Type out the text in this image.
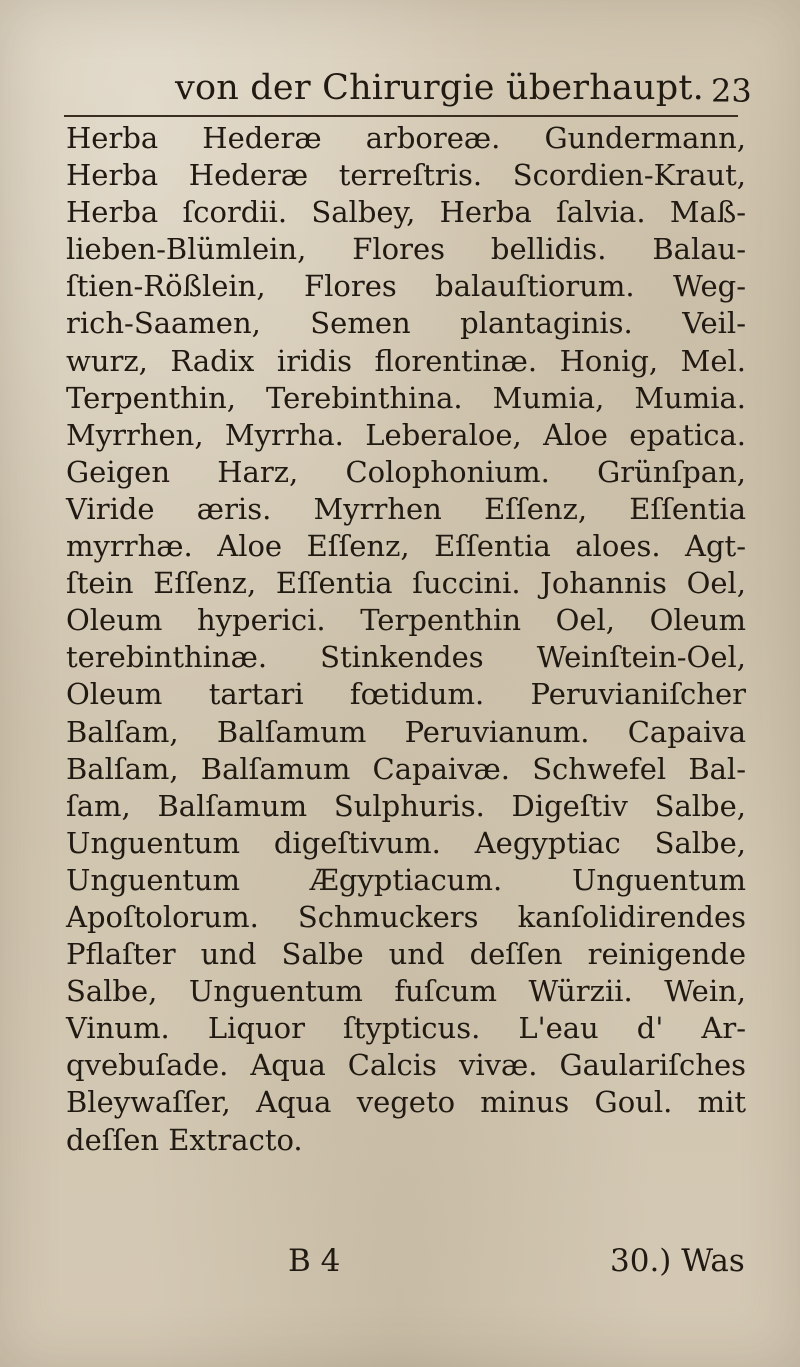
von der Chirurgie überhaupt. 23
Herba Hederæ arboreæ. Gundermann,
Herba Hederæ terreſtris. Scordien-Kraut,
Herba ſcordii. Salbey, Herba ſalvia. Maß-
lieben-Blümlein, Flores bellidis. Balau-
ſtien-Rößlein, Flores balauſtiorum. Weg-
rich-Saamen, Semen plantaginis. Veil-
wurz, Radix iridis florentinæ. Honig, Mel.
Terpenthin, Terebinthina. Mumia, Mumia.
Myrrhen, Myrrha. Leberaloe, Aloe epatica.
Geigen Harz, Colophonium. Grünſpan,
Viride æris. Myrrhen Eſſenz, Eſſentia
myrrhæ. Aloe Eſſenz, Eſſentia aloes. Agt-
ſtein Eſſenz, Eſſentia ſuccini. Johannis Oel,
Oleum hyperici. Terpenthin Oel, Oleum
terebinthinæ. Stinkendes Weinſtein-Oel,
Oleum tartari fœtidum. Peruvianiſcher
Balſam, Balſamum Peruvianum. Capaiva
Balſam, Balſamum Capaivæ. Schwefel Bal-
ſam, Balſamum Sulphuris. Digeſtiv Salbe,
Unguentum digeſtivum. Aegyptiac Salbe,
Unguentum Ægyptiacum. Unguentum
Apoſtolorum. Schmuckers kanſolidirendes
Pflaſter und Salbe und deſſen reinigende
Salbe, Unguentum fuſcum Würzii. Wein,
Vinum. Liquor ſtypticus. L'eau d' Ar-
qvebuſade. Aqua Calcis vivæ. Gaulariſches
Bleywaſſer, Aqua vegeto minus Goul. mit
deſſen Extracto.
B 4	30.) Was
